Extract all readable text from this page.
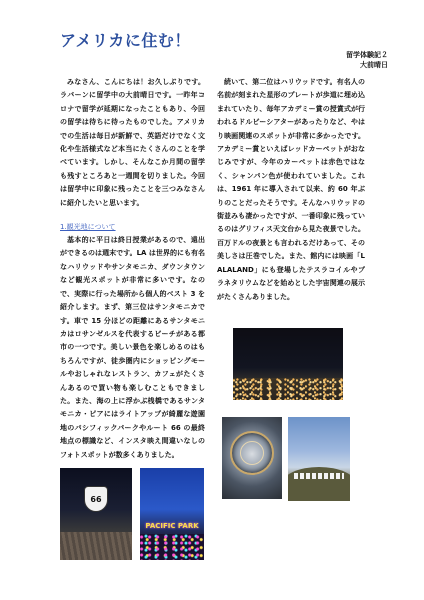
アメリカに住む！
留学体験記２
大前晴日

みなさん、こんにちは！お久しぶりです。ラバーンに留学中の大前晴日です。一昨年コロナで留学が延期になったこともあり、今回の留学は待ちに待ったものでした。アメリカでの生活は毎日が新鮮で、英語だけでなく文化や生活様式など本当にたくさんのことを学べています。しかし、そんなこか月間の留学も残すところあと一週間を切りました。今回は留学中に印象に残ったことを三つみなさんに紹介したいと思います。

1.観光地について

基本的に平日は終日授業があるので、遠出ができるのは週末です。LA は世界的にも有名なハリウッドやサンタモニカ、ダウンタウンなど観光スポットが非常に多いです。なので、実際に行った場所から個人的ベスト 3 を紹介します。まず、第三位はサンタモニカです。車で 15 分ほどの距離にあるサンタモニカはロサンゼルスを代表するビーチがある都市の一つです。美しい景色を楽しめるのはもちろんですが、徒歩圏内にショッピングモールやおしゃれなレストラン、カフェがたくさんあるので買い物も楽しむこともできました。また、海の上に浮かぶ桟橋であるサンタモニカ・ピアにはライトアップが綺麗な遊園地のパシフィックパークやルート 66 の最終地点の標識など、インスタ映え間違いなしのフォトスポットが数多くありました。

続いて、第二位はハリウッドです。有名人の名前が刻まれた星形のプレートが歩道に埋め込まれていたり、毎年アカデミー賞の授賞式が行われるドルビーシアターがあったりなど、やはり映画関連のスポットが非常に多かったです。アカデミー賞といえばレッドカーペットがおなじみですが、今年のカーペットは赤色ではなく、シャンパン色が使われていました。これは、1961 年に導入されて以来、約 60 年ぶりのことだったそうです。そんなハリウッドの街並みも凄かったですが、一番印象に残っているのはグリフィス天文台から見た夜景でした。百万ドルの夜景とも言われるだけあって、その美しさは圧巻でした。また、館内には映画「LALALAND」にも登場したテスラコイルやプラネタリウムなどを始めとした宇宙関連の展示がたくさんありました。

66
PACIFIC PARK
